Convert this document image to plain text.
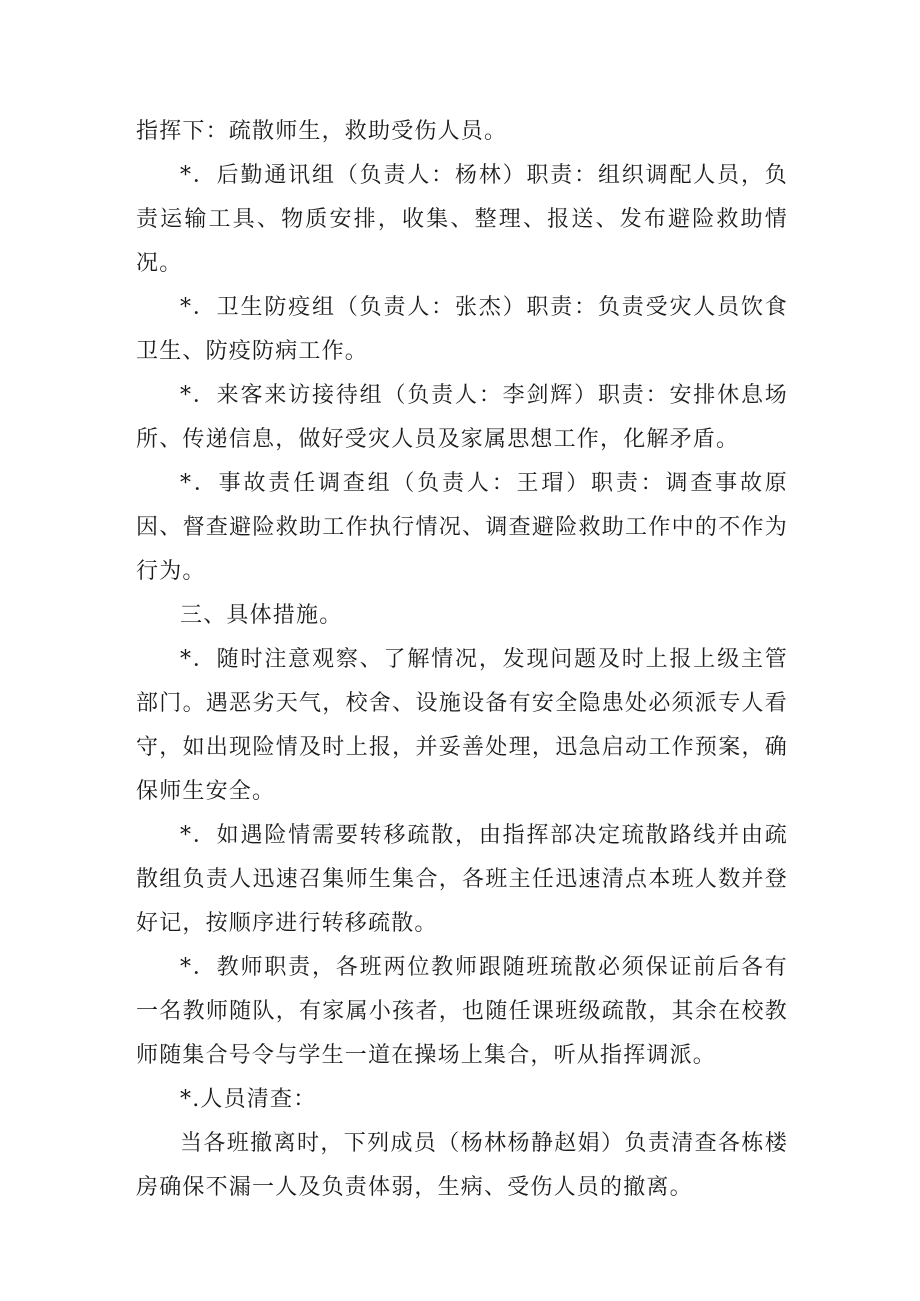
指挥下：疏散师生，救助受伤人员。

*．后勤通讯组（负责人：杨林）职责：组织调配人员，负责运输工具、物质安排，收集、整理、报送、发布避险救助情况。

*．卫生防疫组（负责人：张杰）职责：负责受灾人员饮食卫生、防疫防病工作。

*．来客来访接待组（负责人：李剑辉）职责：安排休息场所、传递信息，做好受灾人员及家属思想工作，化解矛盾。

*．事故责任调查组（负责人：王瑁）职责：调查事故原因、督查避险救助工作执行情况、调查避险救助工作中的不作为行为。

三、具体措施。

*．随时注意观察、了解情况，发现问题及时上报上级主管部门。遇恶劣天气，校舍、设施设备有安全隐患处必须派专人看守，如出现险情及时上报，并妥善处理，迅急启动工作预案，确保师生安全。

*．如遇险情需要转移疏散，由指挥部决定琉散路线并由疏散组负责人迅速召集师生集合，各班主任迅速清点本班人数并登好记，按顺序进行转移疏散。

*．教师职责，各班两位教师跟随班琉散必须保证前后各有一名教师随队，有家属小孩者，也随任课班级疏散，其余在校教师随集合号令与学生一道在操场上集合，听从指挥调派。

*.人员清查：

当各班撤离时，下列成员（杨林杨静赵娟）负责清查各栋楼房确保不漏一人及负责体弱，生病、受伤人员的撤离。
